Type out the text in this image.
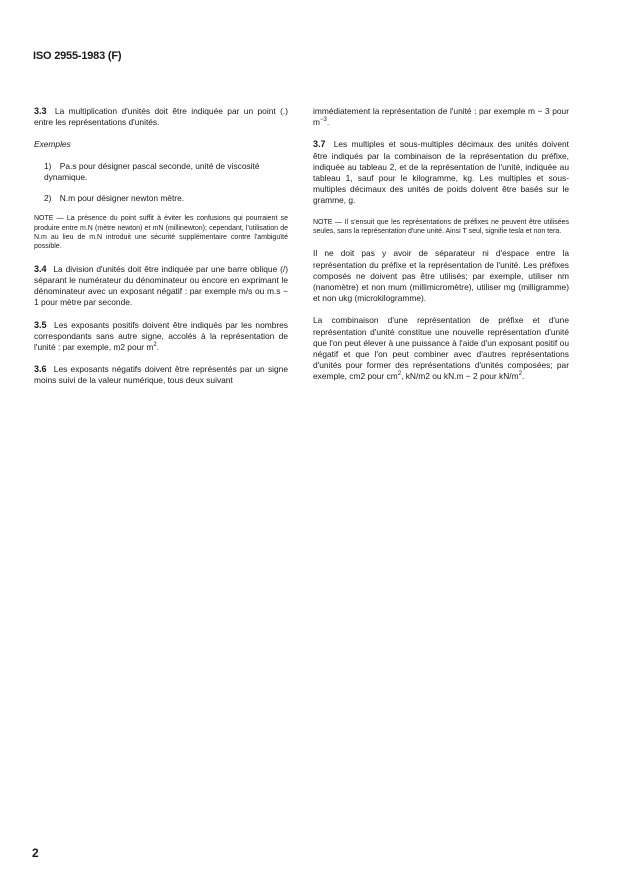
ISO 2955-1983 (F)

3.3 La multiplication d'unités doit être indiquée par un point (.) entre les représentations d'unités.

Exemples
1) Pa.s pour désigner pascal seconde, unité de viscosité dynamique.
2) N.m pour désigner newton mètre.

NOTE — La présence du point suffit à éviter les confusions qui pourraient se produire entre m.N (mètre newton) et mN (millinewton); cependant, l'utilisation de N.m au lieu de m.N introduit une sécurité supplémentaire contre l'ambiguïté possible.

3.4 La division d'unités doit être indiquée par une barre oblique (/) séparant le numérateur du dénominateur ou encore en exprimant le dénominateur avec un exposant négatif : par exemple m/s ou m.s − 1 pour mètre par seconde.

3.5 Les exposants positifs doivent être indiqués par les nombres correspondants sans autre signe, accolés à la représentation de l'unité : par exemple, m2 pour $m^2$.

3.6 Les exposants négatifs doivent être représentés par un signe moins suivi de la valeur numérique, tous deux suivant

immédiatement la représentation de l'unité : par exemple m − 3 pour $m^{-3}$.

3.7 Les multiples et sous-multiples décimaux des unités doivent être indiqués par la combinaison de la représentation du préfixe, indiquée au tableau 2, et de la représentation de l'unité, indiquée au tableau 1, sauf pour le kilogramme, kg. Les multiples et sous-multiples décimaux des unités de poids doivent être basés sur le gramme, g.

NOTE — Il s'ensuit que les représentations de préfixes ne peuvent être utilisées seules, sans la représentation d'une unité. Ainsi T seul, signifie tesla et non tera.

Il ne doit pas y avoir de séparateur ni d'espace entre la représentation du préfixe et la représentation de l'unité. Les préfixes composés ne doivent pas être utilisés; par exemple, utiliser nm (nanomètre) et non mum (millimicromètre), utiliser mg (milligramme) et non ukg (microkilogramme).

La combinaison d'une représentation de préfixe et d'une représentation d'unité constitue une nouvelle représentation d'unité que l'on peut élever à une puissance à l'aide d'un exposant positif ou négatif et que l'on peut combiner avec d'autres représentations d'unités pour former des représentations d'unités composées; par exemple, cm2 pour $cm^2$, kN/m2 ou kN.m − 2 pour $kN/m^2$.

2
